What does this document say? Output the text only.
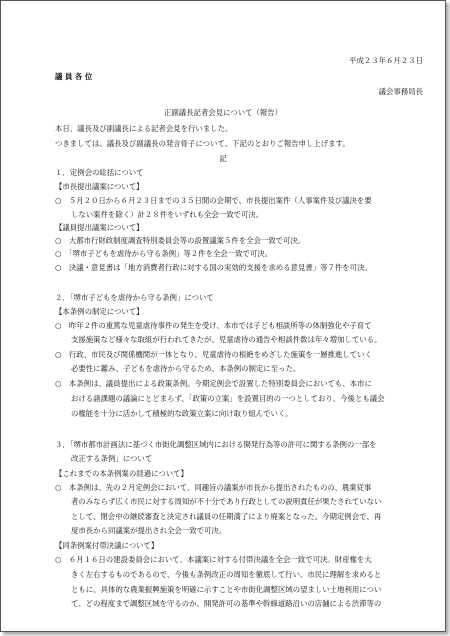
平成２３年６月２３日
議 員 各 位
議会事務局長
正副議長記者会見について（報告）
本日、議長及び副議長による記者会見を行いました。
つきましては、議長及び副議長の発言骨子について、下記のとおりご報告申し上げます。
記
１．定例会の総括について
【市長提出議案について】
○　５月２０日から６月２３日までの３５日間の会期で、市長提出案件（人事案件及び議決を要
しない案件を除く）計２８件をいずれも全会一致で可決。
【議員提出議案について】
○　大都市行財政制度調査特別委員会等の設置議案５件を全会一致で可決。
○　「堺市子どもを虐待から守る条例」等２件を全会一致で可決。
○　決議・意見書は「地方消費者行政に対する国の実効的支援を求める意見書」等７件を可決。
２．「堺市子どもを虐待から守る条例」について
【本条例の制定について】
○　昨年２件の重篤な児童虐待事件の発生を受け、本市では子ども相談所等の体制強化や子育て
支援施策など様々な取組が行われてきたが、児童虐待の通告や相談件数は年々増加している。
○　行政、市民及び関係機関が一体となり、児童虐待の根絶をめざした施策を一層推進していく
必要性に鑑み、子どもを虐待から守るため、本条例の制定に至った。
○　本条例は、議員提出による政策条例。今期定例会で設置した特別委員会においても、本市に
おける諸課題の議論にとどまらず、「政策の立案」を設置目的の一つとしており、今後とも議会
の権能を十分に活かして積極的な政策立案に向け取り組んでいく。
３．「堺市都市計画法に基づく市街化調整区域内における開発行為等の許可に関する条例の一部を
改正する条例」について
【これまでの本条例案の経過について】
○　本条例は、先の２月定例会において、同趣旨の議案が市長から提出されたものの、農業従事
者のみならず広く市民に対する周知が不十分であり行政としての説明責任が果たされていない
として、閉会中の継続審査と決定され議員の任期満了により廃案となった。今期定例会で、再
度市長から同議案が提出され全会一致で可決。
【同条例案付帯決議について】
○　６月１６日の建設委員会において、本議案に対する付帯決議を全会一致で可決。財産権を大
きく左右するものであるので、今後も条例改正の周知を徹底して行い、市民に理解を求めると
ともに、具体的な農業振興施策を明確に示すことや市街化調整区域の望ましい土地利用につい
て、どの程度まで調整区域を守るのか、開発許可の基準や幹線道路沿いの店舗による渋滞等の
